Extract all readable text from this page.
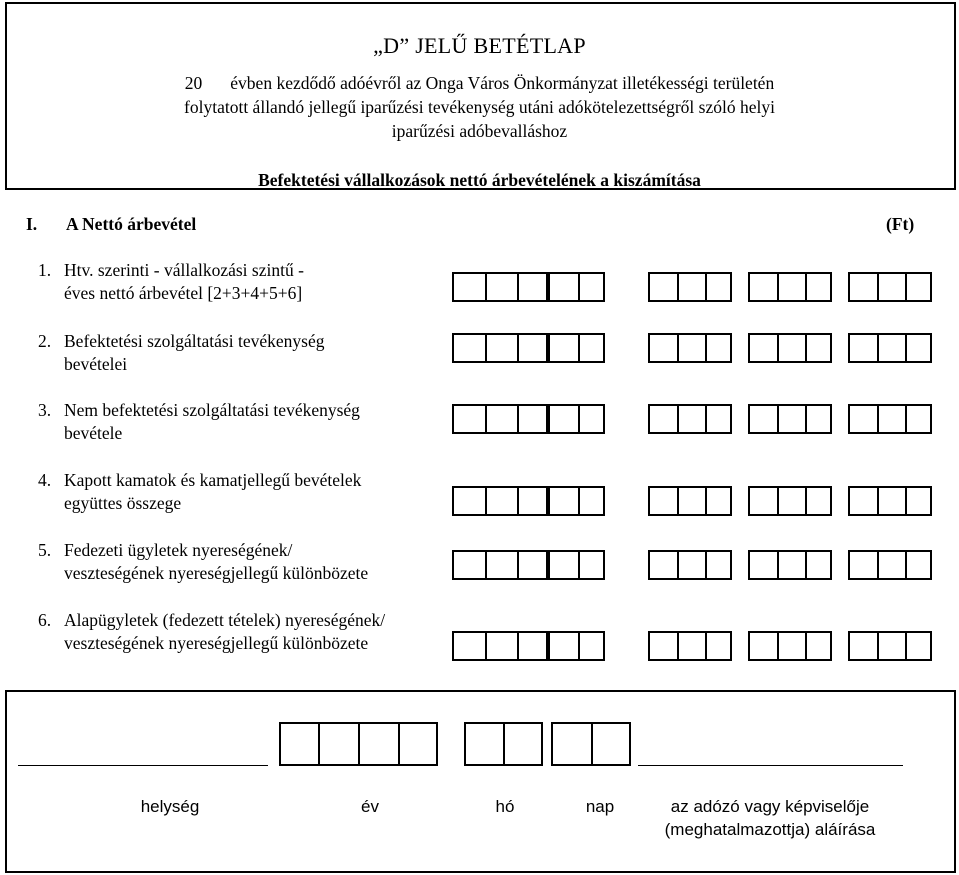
„D” JELŰ BETÉTLAP
20 évben kezdődő adóévről az Onga Város Önkormányzat illetékességi területén
folytatott állandó jellegű iparűzési tevékenység utáni adókötelezettségről szóló helyi
iparűzési adóbevalláshoz
Befektetési vállalkozások nettó árbevételének a kiszámítása
I. A Nettó árbevétel	(Ft)
1. Htv. szerinti - vállalkozási szintű -
éves nettó árbevétel [2+3+4+5+6]
2. Befektetési szolgáltatási tevékenység
bevételei
3. Nem befektetési szolgáltatási tevékenység
bevétele
4. Kapott kamatok és kamatjellegű bevételek
együttes összege
5. Fedezeti ügyletek nyereségének/
veszteségének nyereségjellegű különbözete
6. Alapügyletek (fedezett tételek) nyereségének/
veszteségének nyereségjellegű különbözete
helység	év	hó	nap	az adózó vagy képviselője
(meghatalmazottja) aláírása
